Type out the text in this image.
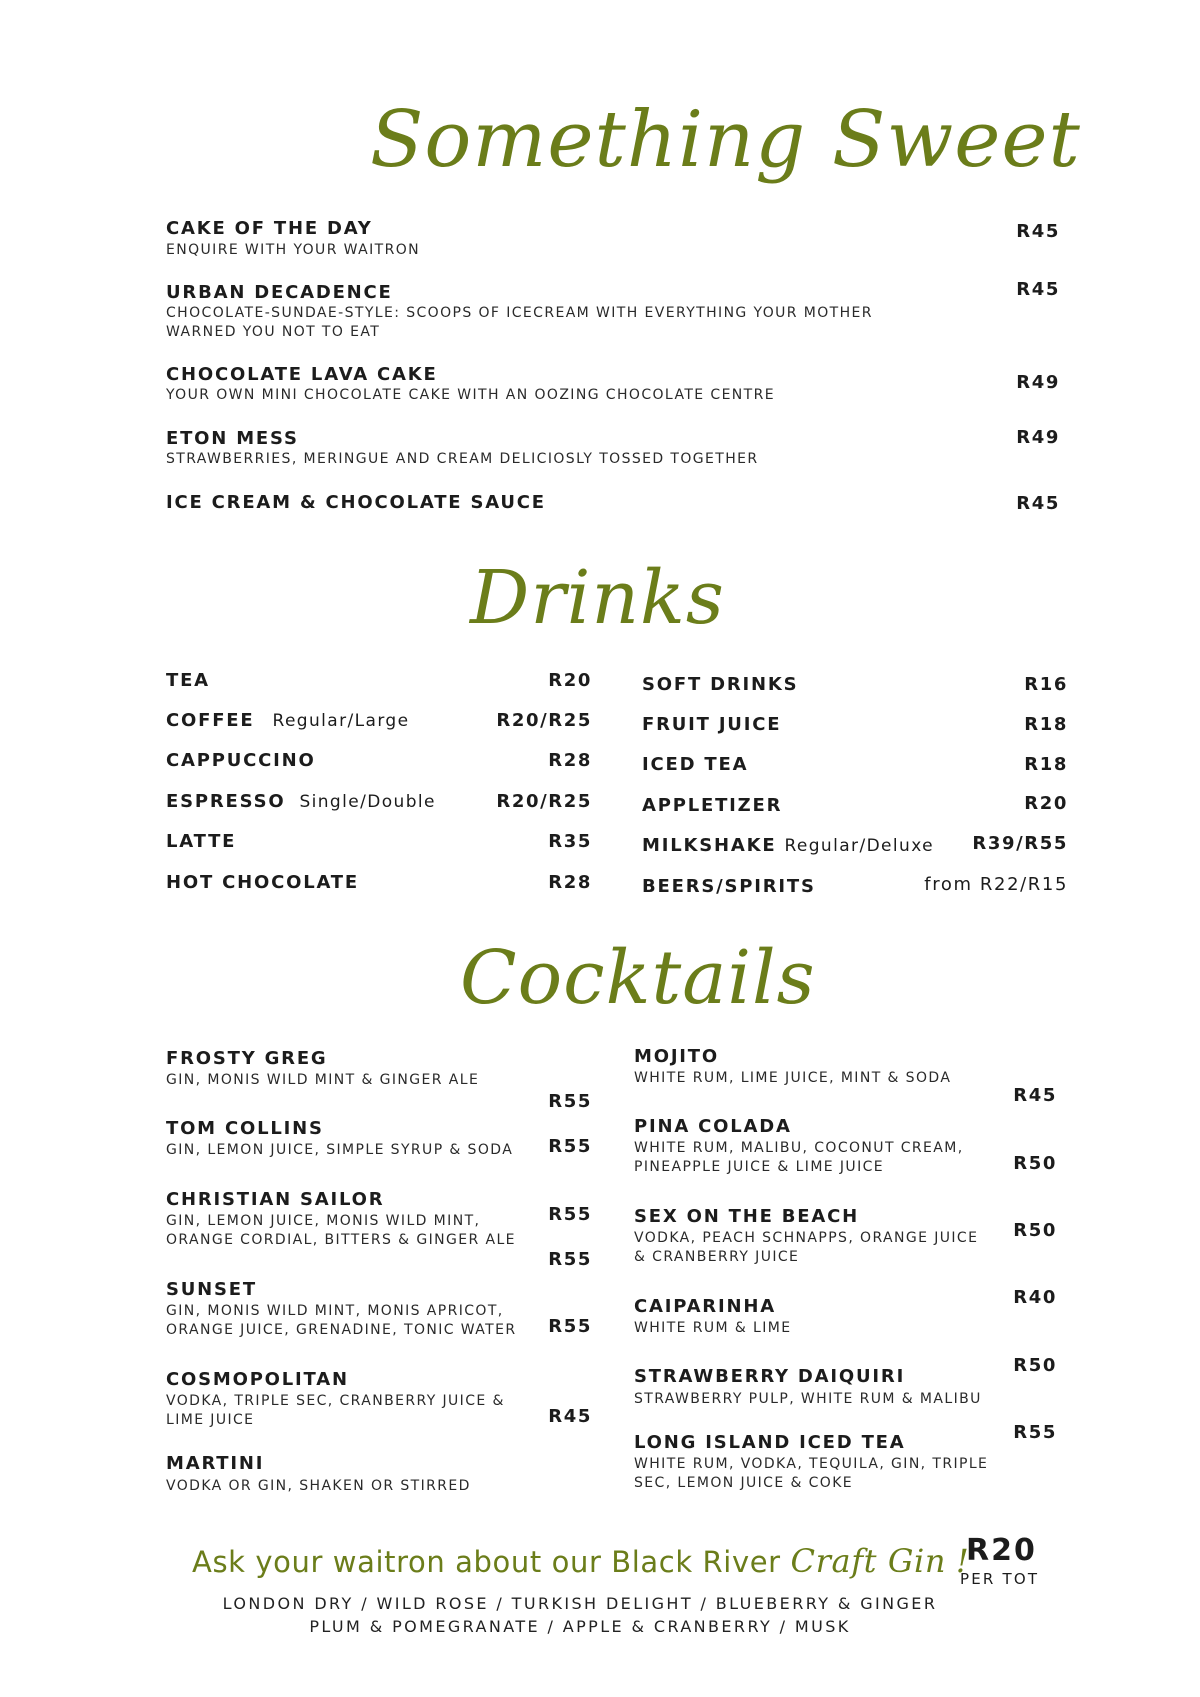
Something Sweet
CAKE OF THE DAY
ENQUIRE WITH YOUR WAITRON
R45
URBAN DECADENCE
CHOCOLATE-SUNDAE-STYLE: SCOOPS OF ICECREAM WITH EVERYTHING YOUR MOTHER
WARNED YOU NOT TO EAT
R45
CHOCOLATE LAVA CAKE
YOUR OWN MINI CHOCOLATE CAKE WITH AN OOZING CHOCOLATE CENTRE
R49
ETON MESS
STRAWBERRIES, MERINGUE AND CREAM DELICIOSLY TOSSED TOGETHER
R49
ICE CREAM & CHOCOLATE SAUCE	R45
Drinks
TEA	R20
COFFEE Regular/Large	R20/R25
CAPPUCCINO	R28
ESPRESSO Single/Double	R20/R25
LATTE	R35
HOT CHOCOLATE	R28
SOFT DRINKS	R16
FRUIT JUICE	R18
ICED TEA	R18
APPLETIZER	R20
MILKSHAKE Regular/Deluxe R39/R55
BEERS/SPIRITS	from R22/R15
Cocktails
FROSTY GREG
GIN, MONIS WILD MINT & GINGER ALE
R55
TOM COLLINS
GIN, LEMON JUICE, SIMPLE SYRUP & SODA R55
CHRISTIAN SAILOR
GIN, LEMON JUICE, MONIS WILD MINT,
ORANGE CORDIAL, BITTERS & GINGER ALE
R55
R55
SUNSET
GIN, MONIS WILD MINT, MONIS APRICOT,
ORANGE JUICE, GRENADINE, TONIC WATER R55
COSMOPOLITAN
VODKA, TRIPLE SEC, CRANBERRY JUICE &
LIME JUICE	R45
MARTINI
VODKA OR GIN, SHAKEN OR STIRRED
MOJITO
WHITE RUM, LIME JUICE, MINT & SODA
R45
PINA COLADA
WHITE RUM, MALIBU, COCONUT CREAM,
PINEAPPLE JUICE & LIME JUICE	R50
SEX ON THE BEACH
VODKA, PEACH SCHNAPPS, ORANGE JUICE
& CRANBERRY JUICE
R50
CAIPARINHA
WHITE RUM & LIME
R40
STRAWBERRY DAIQUIRI
STRAWBERRY PULP, WHITE RUM & MALIBU
R50
LONG ISLAND ICED TEA
WHITE RUM, VODKA, TEQUILA, GIN, TRIPLE
SEC, LEMON JUICE & COKE
R55
Ask your waitron about our Black River Craft Gin !
R20
PER TOT
LONDON DRY / WILD ROSE / TURKISH DELIGHT / BLUEBERRY & GINGER
PLUM & POMEGRANATE / APPLE & CRANBERRY / MUSK
